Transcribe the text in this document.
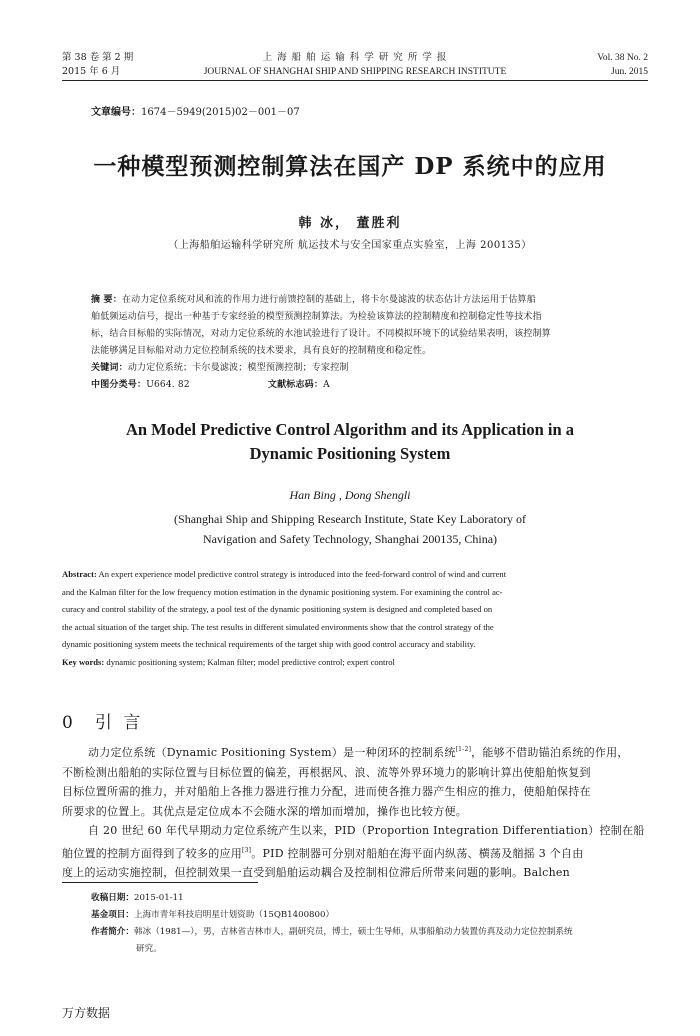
第 38 卷 第 2 期
2015 年 6 月
上 海 船 舶 运 输 科 学 研 究 所 学 报
JOURNAL OF SHANGHAI SHIP AND SHIPPING RESEARCH INSTITUTE
Vol. 38 No. 2
Jun. 2015
文章编号：1674－5949(2015)02－001－07
一种模型预测控制算法在国产 DP 系统中的应用
韩 冰， 董胜利
（上海船舶运输科学研究所 航运技术与安全国家重点实验室，上海 200135）
摘 要：在动力定位系统对风和流的作用力进行前馈控制的基础上，将卡尔曼滤波的状态估计方法运用于估算船
舶低频运动信号，提出一种基于专家经验的模型预测控制算法。为检验该算法的控制精度和控制稳定性等技术指
标，结合目标船的实际情况，对动力定位系统的水池试验进行了设计。不同模拟环境下的试验结果表明，该控制算
法能够满足目标船对动力定位控制系统的技术要求，具有良好的控制精度和稳定性。
关键词：动力定位系统；卡尔曼滤波；模型预测控制；专家控制
中图分类号：U664. 82	文献标志码：A
An Model Predictive Control Algorithm and its Application in a
Dynamic Positioning System
Han Bing , Dong Shengli
(Shanghai Ship and Shipping Research Institute, State Key Laboratory of
Navigation and Safety Technology, Shanghai 200135, China)
Abstract: An expert experience model predictive control strategy is introduced into the feed-forward control of wind and current
and the Kalman filter for the low frequency motion estimation in the dynamic positioning system. For examining the control ac-
curacy and control stability of the strategy, a pool test of the dynamic positioning system is designed and completed based on
the actual situation of the target ship. The test results in different simulated environments show that the control strategy of the
dynamic positioning system meets the technical requirements of the target ship with good control accuracy and stability.
Key words: dynamic positioning system; Kalman filter; model predictive control; expert control
0 引 言
动力定位系统（Dynamic Positioning System）是一种闭环的控制系统[1-2]，能够不借助锚泊系统的作用，
不断检测出船舶的实际位置与目标位置的偏差，再根据风、浪、流等外界环境力的影响计算出使船舶恢复到
目标位置所需的推力，并对船舶上各推力器进行推力分配，进而使各推力器产生相应的推力，使船舶保持在
所要求的位置上。其优点是定位成本不会随水深的增加而增加，操作也比较方便。
自 20 世纪 60 年代早期动力定位系统产生以来，PID（Proportion Integration Differentiation）控制在船
舶位置的控制方面得到了较多的应用[3]。PID 控制器可分别对船舶在海平面内纵荡、横荡及艏摇 3 个自由
度上的运动实施控制，但控制效果一直受到船舶运动耦合及控制相位滞后所带来问题的影响。Balchen
收稿日期：2015-01-11
基金项目：上海市青年科技启明星计划资助（15QB1400800）
作者简介：韩冰（1981—），男，吉林省吉林市人，副研究员，博士，硕士生导师，从事船舶动力装置仿真及动力定位控制系统
研究。
万方数据
